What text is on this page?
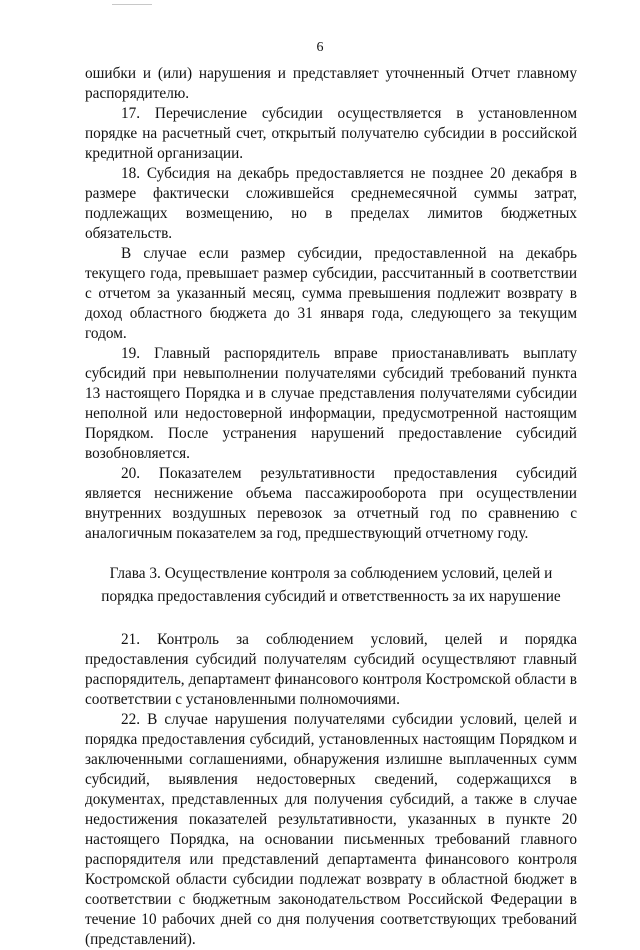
6

ошибки и (или) нарушения и представляет уточненный Отчет главному распорядителю.

17. Перечисление субсидии осуществляется в установленном порядке на расчетный счет, открытый получателю субсидии в российской кредитной организации.

18. Субсидия на декабрь предоставляется не позднее 20 декабря в размере фактически сложившейся среднемесячной суммы затрат, подлежащих возмещению, но в пределах лимитов бюджетных обязательств.

В случае если размер субсидии, предоставленной на декабрь текущего года, превышает размер субсидии, рассчитанный в соответствии с отчетом за указанный месяц, сумма превышения подлежит возврату в доход областного бюджета до 31 января года, следующего за текущим годом.

19. Главный распорядитель вправе приостанавливать выплату субсидий при невыполнении получателями субсидий требований пункта 13 настоящего Порядка и в случае представления получателями субсидии неполной или недостоверной информации, предусмотренной настоящим Порядком. После устранения нарушений предоставление субсидий возобновляется.

20. Показателем результативности предоставления субсидий является неснижение объема пассажирооборота при осуществлении внутренних воздушных перевозок за отчетный год по сравнению с аналогичным показателем за год, предшествующий отчетному году.

Глава 3. Осуществление контроля за соблюдением условий, целей и порядка предоставления субсидий и ответственность за их нарушение

21. Контроль за соблюдением условий, целей и порядка предоставления субсидий получателям субсидий осуществляют главный распорядитель, департамент финансового контроля Костромской области в соответствии с установленными полномочиями.

22. В случае нарушения получателями субсидии условий, целей и порядка предоставления субсидий, установленных настоящим Порядком и заключенными соглашениями, обнаружения излишне выплаченных сумм субсидий, выявления недостоверных сведений, содержащихся в документах, представленных для получения субсидий, а также в случае недостижения показателей результативности, указанных в пункте 20 настоящего Порядка, на основании письменных требований главного распорядителя или представлений департамента финансового контроля Костромской области субсидии подлежат возврату в областной бюджет в соответствии с бюджетным законодательством Российской Федерации в течение 10 рабочих дней со дня получения соответствующих требований (представлений).
